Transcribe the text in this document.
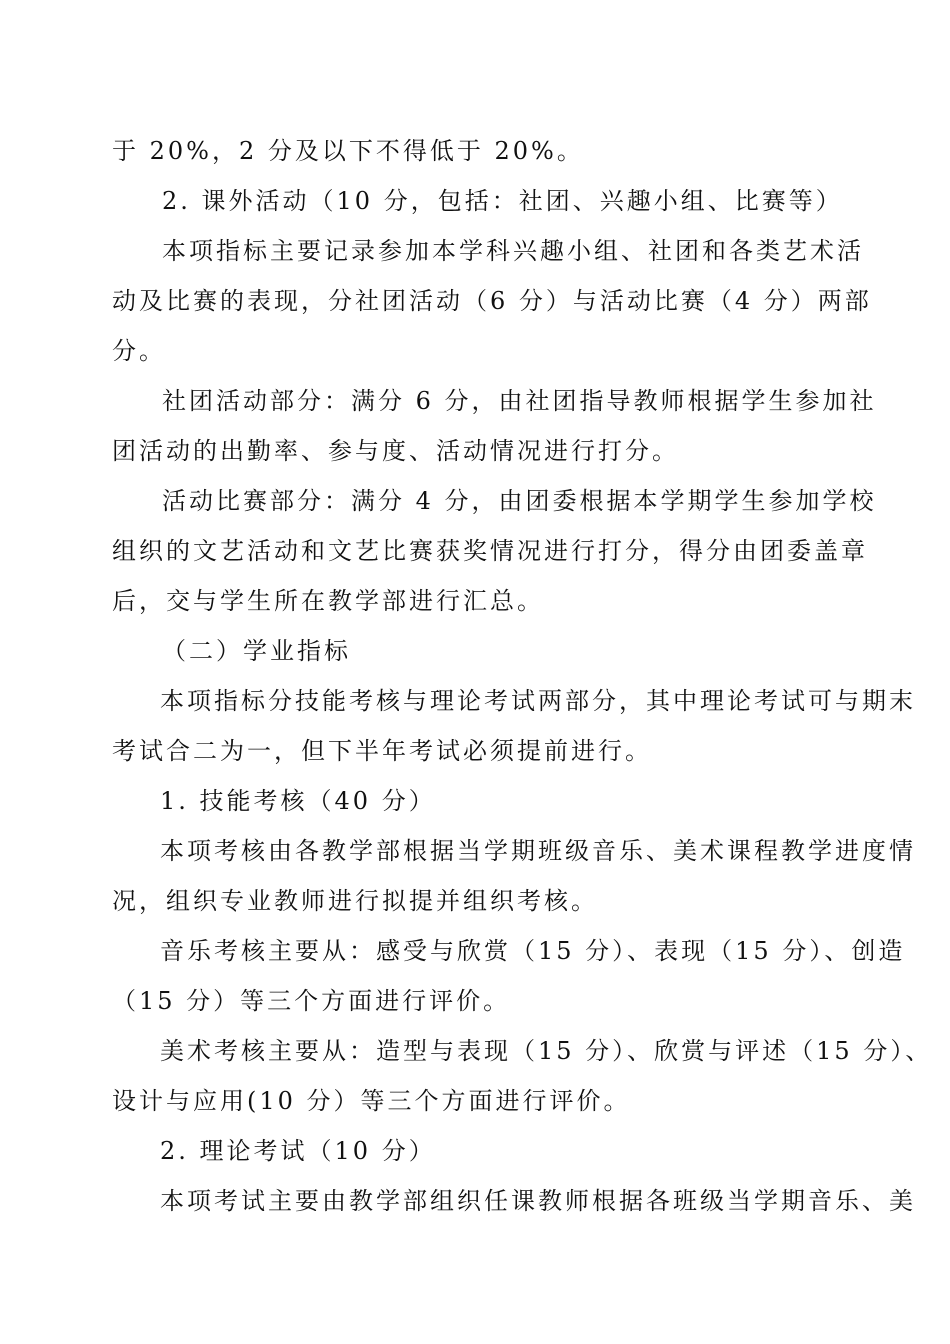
于 20%，2 分及以下不得低于 20%。
2. 课外活动（10 分，包括：社团、兴趣小组、比赛等）
本项指标主要记录参加本学科兴趣小组、社团和各类艺术活
动及比赛的表现，分社团活动（6 分）与活动比赛（4 分）两部
分。
社团活动部分：满分 6 分，由社团指导教师根据学生参加社
团活动的出勤率、参与度、活动情况进行打分。
活动比赛部分：满分 4 分，由团委根据本学期学生参加学校
组织的文艺活动和文艺比赛获奖情况进行打分，得分由团委盖章
后，交与学生所在教学部进行汇总。
（二）学业指标
本项指标分技能考核与理论考试两部分，其中理论考试可与期末
考试合二为一，但下半年考试必须提前进行。
1. 技能考核（40 分）
本项考核由各教学部根据当学期班级音乐、美术课程教学进度情
况，组织专业教师进行拟提并组织考核。
音乐考核主要从：感受与欣赏（15 分）、表现（15 分）、创造
（15 分）等三个方面进行评价。
美术考核主要从：造型与表现（15 分）、欣赏与评述（15 分）、
设计与应用(10 分）等三个方面进行评价。
2. 理论考试（10 分）
本项考试主要由教学部组织任课教师根据各班级当学期音乐、美
